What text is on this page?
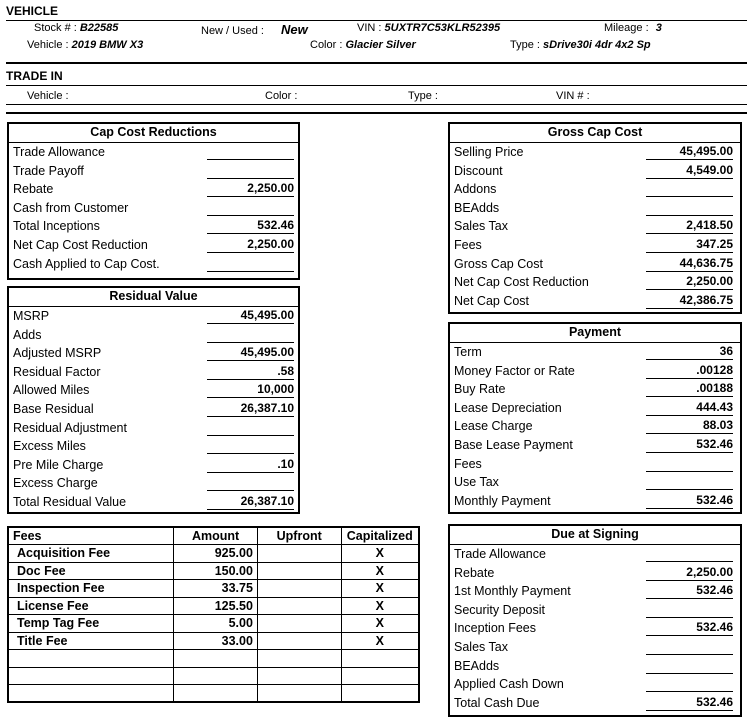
VEHICLE
Stock # : B22585	New / Used : New	VIN : 5UXTR7C53KLR52395	Mileage : 3
Vehicle : 2019 BMW X3	Color : Glacier Silver	Type : sDrive30i 4dr 4x2 Sp
TRADE IN
Vehicle :	Color :	Type :	VIN # :
Cap Cost Reductions
Trade Allowance
Trade Payoff
Rebate	2,250.00
Cash from Customer
Total Inceptions	532.46
Net Cap Cost Reduction	2,250.00
Cash Applied to Cap Cost.
Residual Value
MSRP	45,495.00
Adds
Adjusted MSRP	45,495.00
Residual Factor	.58
Allowed Miles	10,000
Base Residual	26,387.10
Residual Adjustment
Excess Miles
Pre Mile Charge	.10
Excess Charge
Total Residual Value	26,387.10
Gross Cap Cost
Selling Price	45,495.00
Discount	4,549.00
Addons
BEAdds
Sales Tax	2,418.50
Fees	347.25
Gross Cap Cost	44,636.75
Net Cap Cost Reduction	2,250.00
Net Cap Cost	42,386.75
Payment
Term	36
Money Factor or Rate	.00128
Buy Rate	.00188
Lease Depreciation	444.43
Lease Charge	88.03
Base Lease Payment	532.46
Fees
Use Tax
Monthly Payment	532.46
Due at Signing
Trade Allowance
Rebate	2,250.00
1st Monthly Payment	532.46
Security Deposit
Inception Fees	532.46
Sales Tax
BEAdds
Applied Cash Down
Total Cash Due	532.46
Fees	Amount	Upfront	Capitalized
Acquisition Fee	925.00		X
Doc Fee	150.00		X
Inspection Fee	33.75		X
License Fee	125.50		X
Temp Tag Fee	5.00		X
Title Fee	33.00		X
